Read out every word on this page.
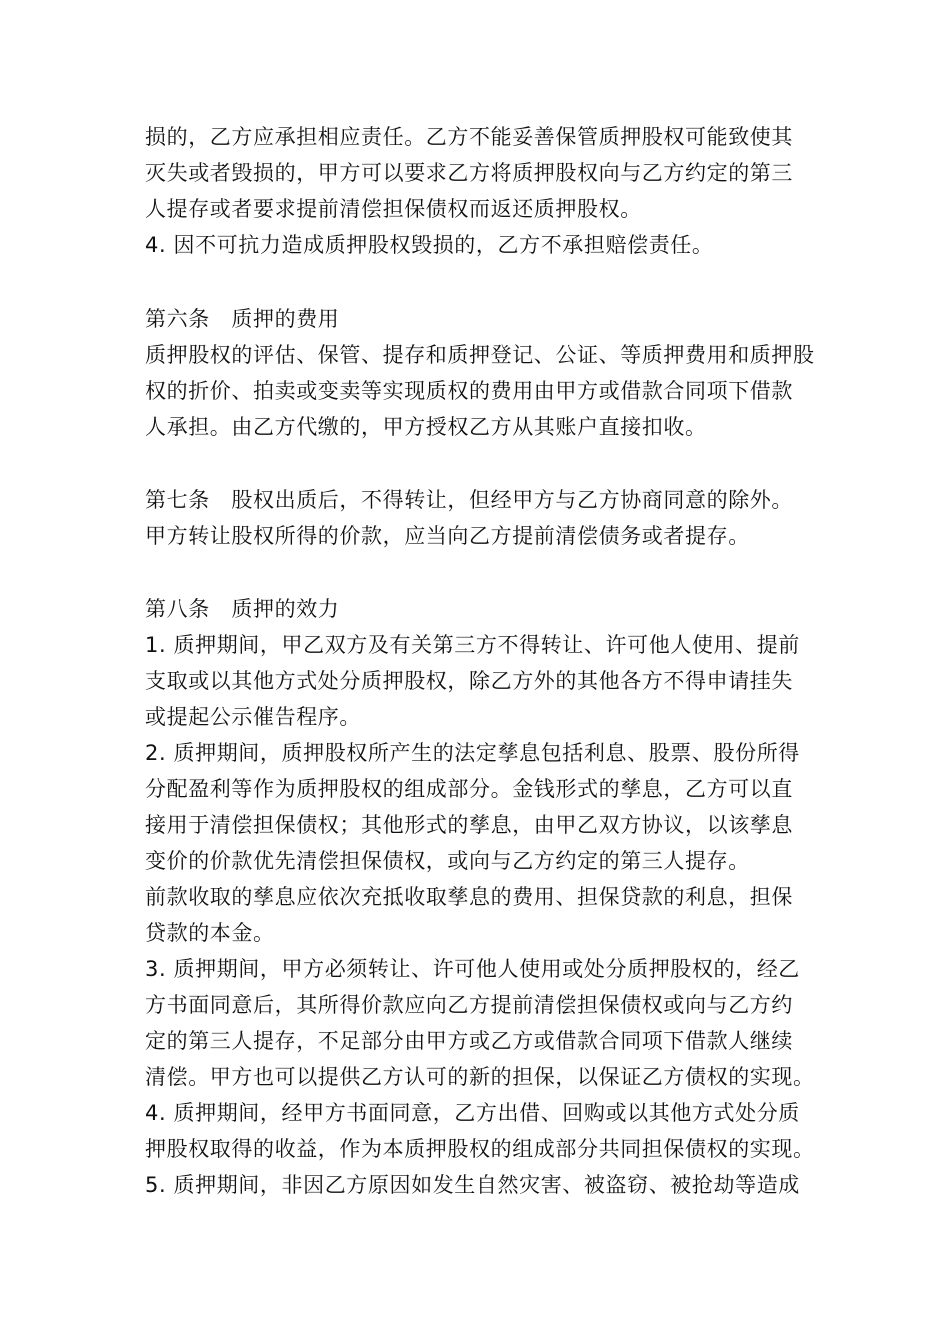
损的，乙方应承担相应责任。乙方不能妥善保管质押股权可能致使其
灭失或者毁损的，甲方可以要求乙方将质押股权向与乙方约定的第三
人提存或者要求提前清偿担保债权而返还质押股权。
4. 因不可抗力造成质押股权毁损的，乙方不承担赔偿责任。
第六条　质押的费用
质押股权的评估、保管、提存和质押登记、公证、等质押费用和质押股
权的折价、拍卖或变卖等实现质权的费用由甲方或借款合同项下借款
人承担。由乙方代缴的，甲方授权乙方从其账户直接扣收。
第七条　股权出质后，不得转让，但经甲方与乙方协商同意的除外。
甲方转让股权所得的价款，应当向乙方提前清偿债务或者提存。
第八条　质押的效力
1. 质押期间，甲乙双方及有关第三方不得转让、许可他人使用、提前
支取或以其他方式处分质押股权，除乙方外的其他各方不得申请挂失
或提起公示催告程序。
2. 质押期间，质押股权所产生的法定孳息包括利息、股票、股份所得
分配盈利等作为质押股权的组成部分。金钱形式的孳息，乙方可以直
接用于清偿担保债权；其他形式的孳息，由甲乙双方协议，以该孳息
变价的价款优先清偿担保债权，或向与乙方约定的第三人提存。
前款收取的孳息应依次充抵收取孳息的费用、担保贷款的利息，担保
贷款的本金。
3. 质押期间，甲方必须转让、许可他人使用或处分质押股权的，经乙
方书面同意后，其所得价款应向乙方提前清偿担保债权或向与乙方约
定的第三人提存，不足部分由甲方或乙方或借款合同项下借款人继续
清偿。甲方也可以提供乙方认可的新的担保，以保证乙方债权的实现。
4. 质押期间，经甲方书面同意，乙方出借、回购或以其他方式处分质
押股权取得的收益，作为本质押股权的组成部分共同担保债权的实现。
5. 质押期间，非因乙方原因如发生自然灾害、被盗窃、被抢劫等造成
